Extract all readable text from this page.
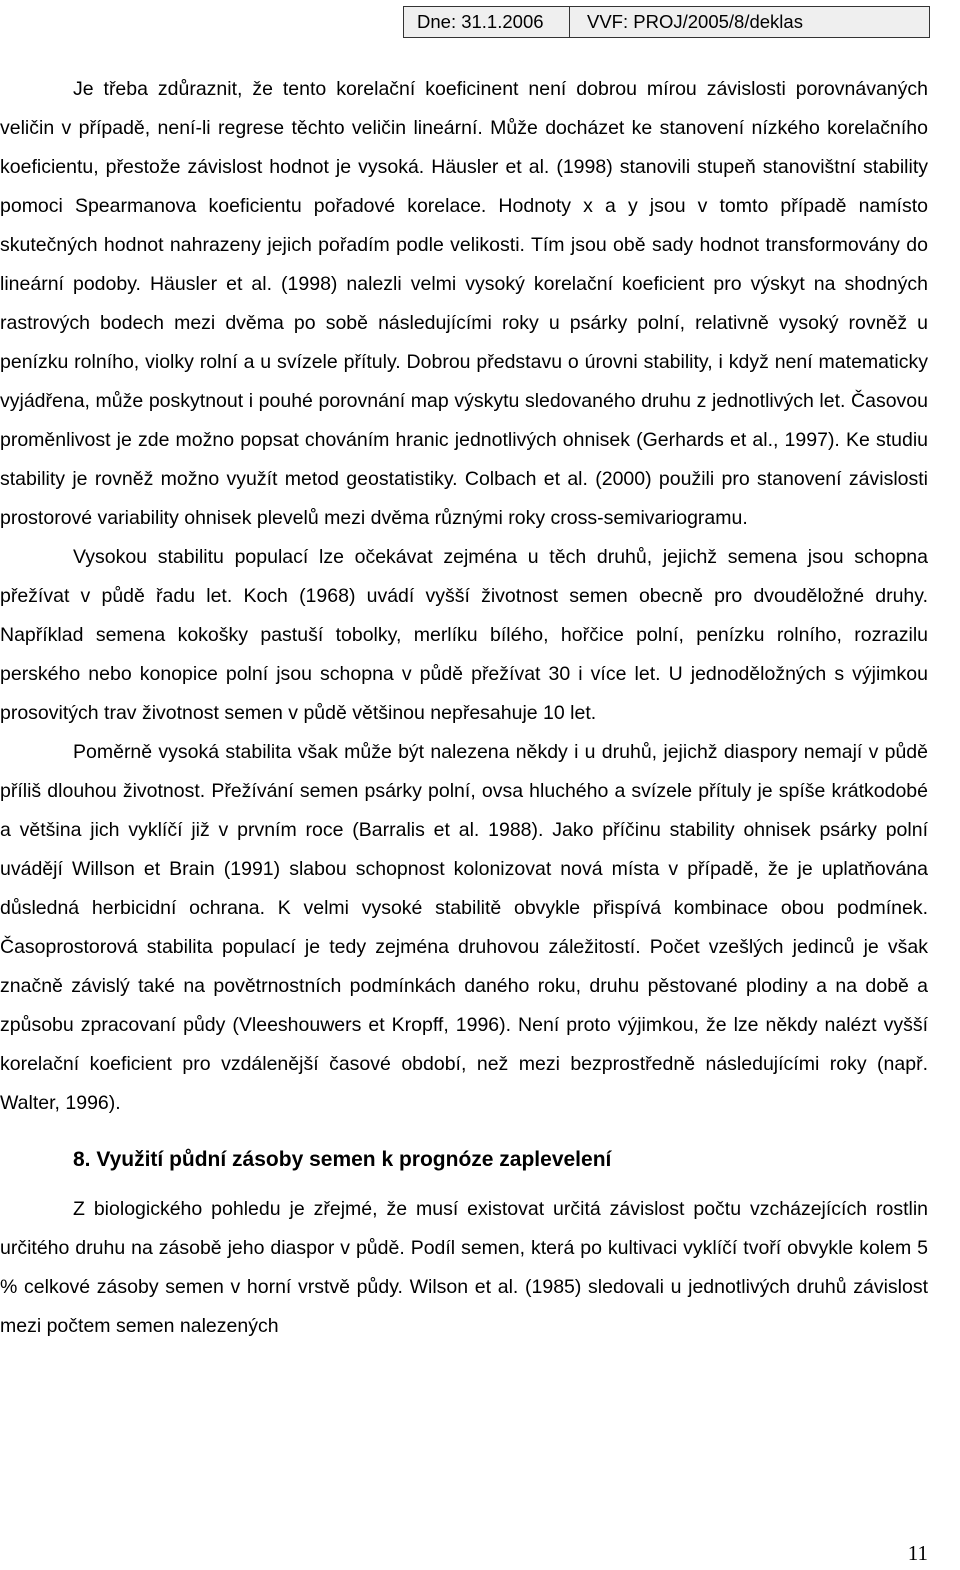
Dne: 31.1.2006	VVF: PROJ/2005/8/deklas

Je třeba zdůraznit, že tento korelační koeficinent není dobrou mírou závislosti porovnávaných veličin v případě, není-li regrese těchto veličin lineární. Může docházet ke stanovení nízkého korelačního koeficientu, přestože závislost hodnot je vysoká. Häusler et al. (1998) stanovili stupeň stanovištní stability pomoci Spearmanova koeficientu pořadové korelace. Hodnoty x a y jsou v tomto případě namísto skutečných hodnot nahrazeny jejich pořadím podle velikosti. Tím jsou obě sady hodnot transformovány do lineární podoby. Häusler et al. (1998) nalezli velmi vysoký korelační koeficient pro výskyt na shodných rastrových bodech mezi dvěma po sobě následujícími roky u psárky polní, relativně vysoký rovněž u penízku rolního, violky rolní a u svízele přítuly. Dobrou představu o úrovni stability, i když není matematicky vyjádřena, může poskytnout i pouhé porovnání map výskytu sledovaného druhu z jednotlivých let. Časovou proměnlivost je zde možno popsat chováním hranic jednotlivých ohnisek (Gerhards et al., 1997). Ke studiu stability je rovněž možno využít metod geostatistiky. Colbach et al. (2000) použili pro stanovení závislosti prostorové variability ohnisek plevelů mezi dvěma různými roky cross-semivariogramu.

Vysokou stabilitu populací lze očekávat zejména u těch druhů, jejichž semena jsou schopna přežívat v půdě řadu let. Koch (1968) uvádí vyšší životnost semen obecně pro dvouděložné druhy. Například semena kokošky pastuší tobolky, merlíku bílého, hořčice polní, penízku rolního, rozrazilu perského nebo konopice polní jsou schopna v půdě přežívat 30 i více let. U jednoděložných s výjimkou prosovitých trav životnost semen v půdě většinou nepřesahuje 10 let.

Poměrně vysoká stabilita však může být nalezena někdy i u druhů, jejichž diaspory nemají v půdě příliš dlouhou životnost. Přežívání semen psárky polní, ovsa hluchého a svízele přítuly je spíše krátkodobé a většina jich vyklíčí již v prvním roce (Barralis et al. 1988). Jako příčinu stability ohnisek psárky polní uvádějí Willson et Brain (1991) slabou schopnost kolonizovat nová místa v případě, že je uplatňována důsledná herbicidní ochrana. K velmi vysoké stabilitě obvykle přispívá kombinace obou podmínek. Časoprostorová stabilita populací je tedy zejména druhovou záležitostí. Počet vzešlých jedinců je však značně závislý také na povětrnostních podmínkách daného roku, druhu pěstované plodiny a na době a způsobu zpracovaní půdy (Vleeshouwers et Kropff, 1996). Není proto výjimkou, že lze někdy nalézt vyšší korelační koeficient pro vzdálenější časové období, než mezi bezprostředně následujícími roky (např. Walter, 1996).

8. Využití půdní zásoby semen k prognóze zaplevelení

Z biologického pohledu je zřejmé, že musí existovat určitá závislost počtu vzcházejících rostlin určitého druhu na zásobě jeho diaspor v půdě. Podíl semen, která po kultivaci vyklíčí tvoří obvykle kolem 5 % celkové zásoby semen v horní vrstvě půdy. Wilson et al. (1985) sledovali u jednotlivých druhů závislost mezi počtem semen nalezených

11
